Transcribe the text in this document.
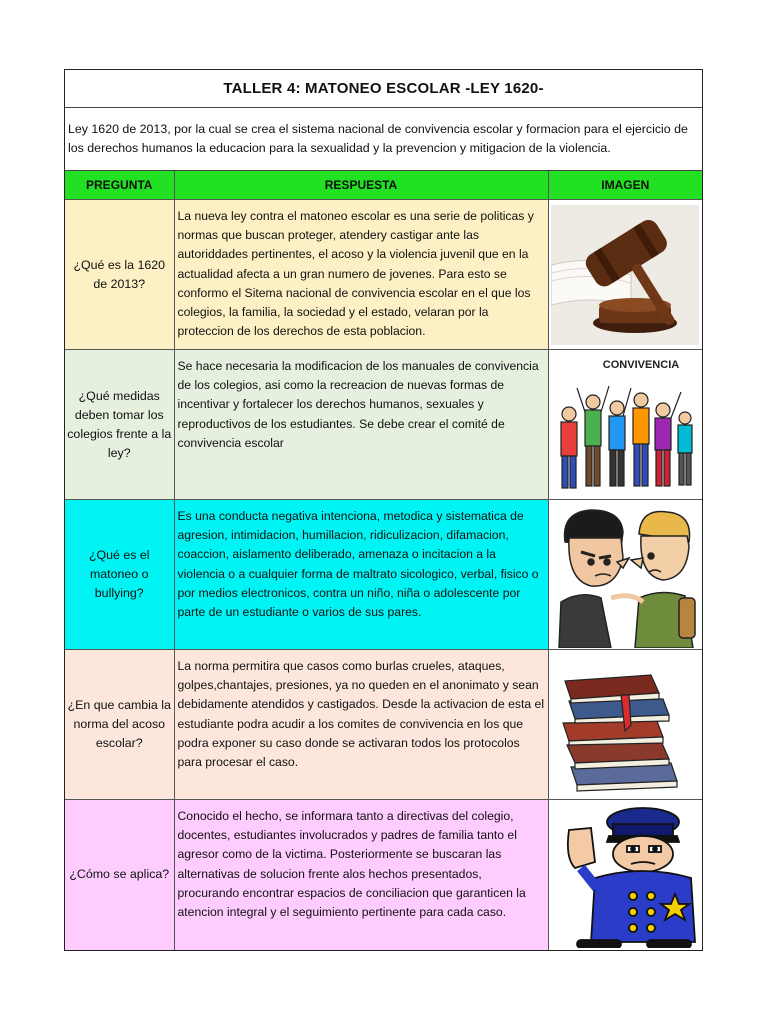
TALLER 4: MATONEO ESCOLAR -LEY 1620-
Ley 1620 de 2013, por la cual se crea el sistema nacional de convivencia escolar y formacion para el ejercicio de los derechos humanos la educacion para la sexualidad y la prevencion y mitigacion de la violencia.
PREGUNTA	RESPUESTA	IMAGEN
¿Qué es la 1620 de 2013?	La nueva ley contra el matoneo escolar es una serie de politicas y normas que buscan proteger, atendery castigar ante las autoriddades pertinentes, el acoso y la violencia juvenil que en la actualidad afecta a un gran numero de jovenes. Para esto se conformo el Sitema nacional de convivencia escolar en el que los colegios, la familia, la sociedad y el estado, velaran por la proteccion de los derechos de esta poblacion.	

¿Qué medidas deben tomar los colegios frente a la ley?	Se hace necesaria la modificacion de los manuales de convivencia de los colegios, asi como la recreacion de nuevas formas de incentivar y fortalecer los derechos humanos, sexuales y reproductivos de los estudiantes. Se debe crear el comité de convivencia escolar	CONVIVENCIA

¿Qué es el matoneo o bullying?	Es una conducta negativa intenciona, metodica y sistematica de agresion, intimidacion, humillacion, ridiculizacion, difamacion, coaccion, aislamento deliberado, amenaza o incitacion a la violencia o a cualquier forma de maltrato sicologico, verbal, fisico o por medios electronicos, contra un niño, niña o adolescente por parte de un estudiante o varios de sus pares.	

¿En que cambia la norma del acoso escolar?	La norma permitira que casos como burlas crueles, ataques, golpes,chantajes, presiones, ya no queden en el anonimato y sean debidamente atendidos y castigados. Desde la activacion de esta el estudiante podra acudir a los comites de convivencia en los que podra exponer su caso donde se activaran todos los protocolos para procesar el caso.	

¿Cómo se aplica?	Conocido el hecho, se informara tanto a directivas del colegio, docentes, estudiantes involucrados y padres de familia tanto el agresor como de la victima. Posteriormente se buscaran las alternativas de solucion frente alos hechos presentados, procurando encontrar espacios de conciliacion que garanticen la atencion integral y el seguimiento pertinente para cada caso.	
